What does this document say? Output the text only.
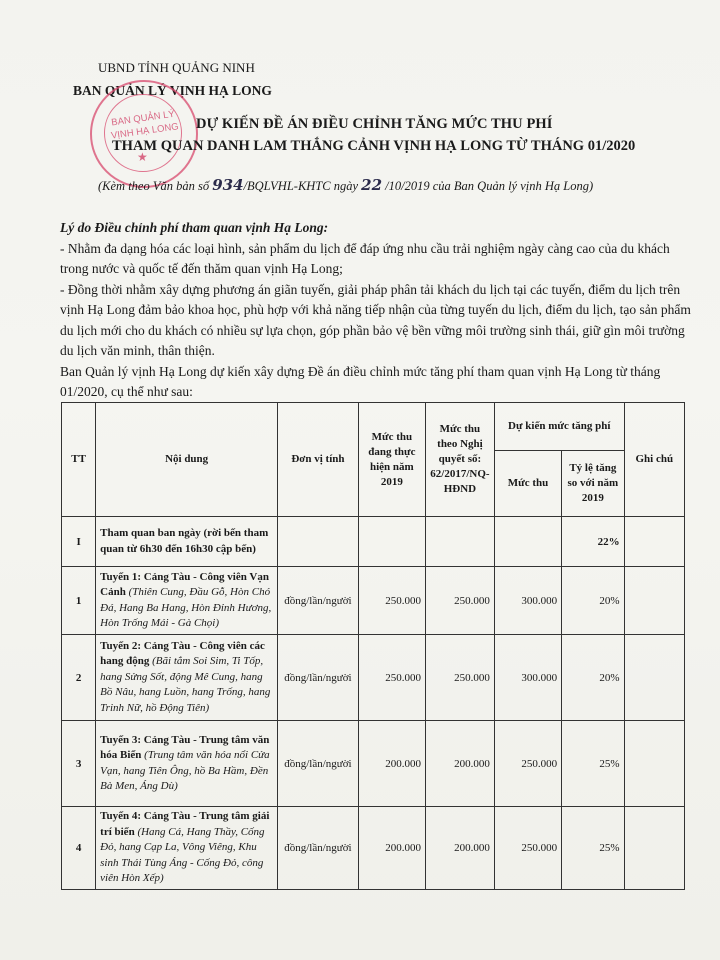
UBND TỈNH QUẢNG NINH
BAN QUẢN LÝ VỊNH HẠ LONG
BAN QUẢN LÝ VỊNH HẠ LONG
★
DỰ KIẾN ĐỀ ÁN ĐIỀU CHỈNH TĂNG MỨC THU PHÍ
THAM QUAN DANH LAM THẮNG CẢNH VỊNH HẠ LONG TỪ THÁNG 01/2020
(Kèm theo Văn bản số 934/BQLVHL-KHTC ngày 22 /10/2019 của Ban Quản lý vịnh Hạ Long)

Lý do Điều chỉnh phí tham quan vịnh Hạ Long:

- Nhằm đa dạng hóa các loại hình, sản phẩm du lịch để đáp ứng nhu cầu trải nghiệm ngày càng cao của du khách trong nước và quốc tế đến thăm quan vịnh Hạ Long;

- Đồng thời nhằm xây dựng phương án giãn tuyến, giải pháp phân tải khách du lịch tại các tuyến, điểm du lịch trên vịnh Hạ Long đảm bảo khoa học, phù hợp với khả năng tiếp nhận của từng tuyến du lịch, điểm du lịch, tạo sản phẩm du lịch mới cho du khách có nhiều sự lựa chọn, góp phần bảo vệ bền vững môi trường sinh thái, giữ gìn môi trường du lịch văn minh, thân thiện.

Ban Quản lý vịnh Hạ Long dự kiến xây dựng Đề án điều chỉnh mức tăng phí tham quan vịnh Hạ Long từ tháng 01/2020, cụ thể như sau:

TT	Nội dung	Đơn vị tính	Mức thu đang thực hiện năm 2019	Mức thu theo Nghị quyết số: 62/2017/NQ-HĐND	Dự kiến mức tăng phí		Ghi chú
					Mức thu	Tỷ lệ tăng so với năm 2019	
I	Tham quan ban ngày (rời bến tham quan từ 6h30 đến 16h30 cập bến)					22%	
1	Tuyến 1: Cảng Tàu - Công viên Vạn Cảnh (Thiên Cung, Đầu Gỗ, Hòn Chó Đá, Hang Ba Hang, Hòn Đỉnh Hương, Hòn Trống Mái - Gà Chọi)	đồng/lần/người	250.000	250.000	300.000	20%	
2	Tuyến 2: Cảng Tàu - Công viên các hang động (Bãi tắm Soi Sim, Ti Tốp, hang Sửng Sốt, động Mê Cung, hang Bồ Nâu, hang Luồn, hang Trống, hang Trinh Nữ, hồ Động Tiên)	đồng/lần/người	250.000	250.000	300.000	20%	
3	Tuyến 3: Cảng Tàu - Trung tâm văn hóa Biển (Trung tâm văn hóa nổi Cửa Vạn, hang Tiên Ông, hồ Ba Hầm, Đền Bà Men, Áng Dù)	đồng/lần/người	200.000	200.000	250.000	25%	
4	Tuyến 4: Cảng Tàu - Trung tâm giải trí biển (Hang Cá, Hang Thầy, Cống Đỏ, hang Cạp La, Vông Viêng, Khu sinh Thái Tùng Áng - Cống Đỏ, công viên Hòn Xếp)	đồng/lần/người	200.000	200.000	250.000	25%	
